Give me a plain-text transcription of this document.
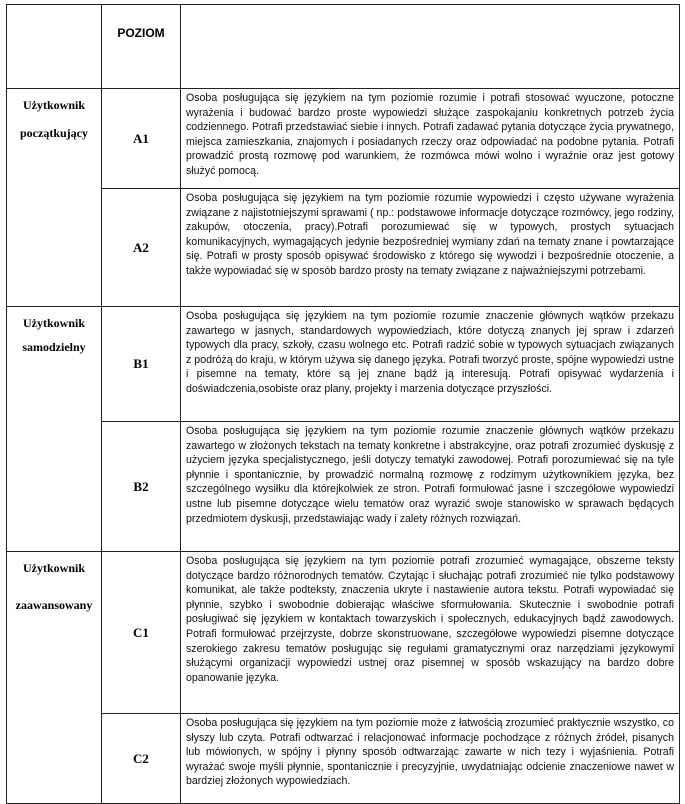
	POZIOM	

Użytkownik
początkujący	A1	Osoba posługująca się językiem na tym poziomie rozumie i potrafi stosować wyuczone, potoczne wyrażenia i budować bardzo proste wypowiedzi służące zaspokajaniu konkretnych potrzeb życia codziennego. Potrafi przedstawiać siebie i innych. Potrafi zadawać pytania dotyczące życia prywatnego, miejsca zamieszkania, znajomych i posiadanych rzeczy oraz odpowiadać na podobne pytania. Potrafi prowadzić prostą rozmowę pod warunkiem, że rozmówca mówi wolno i wyraźnie oraz jest gotowy służyć pomocą.

	A2	Osoba posługująca się językiem na tym poziomie rozumie wypowiedzi i często używane wyrażenia związane z najistotniejszymi sprawami ( np.: podstawowe informacje dotyczące rozmówcy, jego rodziny, zakupów, otoczenia, pracy).Potrafi porozumiewać się w typowych, prostych sytuacjach komunikacyjnych, wymagających jedynie bezpośredniej wymiany zdań na tematy znane i powtarzające się. Potrafi w prosty sposób opisywać środowisko z którego się wywodzi i bezpośrednie otoczenie, a także wypowiadać się w sposób bardzo prosty na tematy związane z najważniejszymi potrzebami.

Użytkownik
samodzielny	B1	Osoba posługująca się językiem na tym poziomie rozumie znaczenie głównych wątków przekazu zawartego w jasnych, standardowych wypowiedziach, które dotyczą znanych jej spraw i zdarzeń typowych dla pracy, szkoły, czasu wolnego etc. Potrafi radzić sobie w typowych sytuacjach związanych z podróżą do kraju, w którym używa się danego języka. Potrafi tworzyć proste, spójne wypowiedzi ustne i pisemne na tematy, które są jej znane bądź ją interesują. Potrafi opisywać wydarzenia i doświadczenia,osobiste oraz plany, projekty i marzenia dotyczące przyszłości.

	B2	Osoba posługująca się językiem na tym poziomie rozumie znaczenie głównych wątków przekazu zawartego w złożonych tekstach na tematy konkretne i abstrakcyjne, oraz potrafi zrozumieć dyskusję z użyciem języka specjalistycznego, jeśli dotyczy tematyki zawodowej. Potrafi porozumiewać się na tyle płynnie i spontanicznie, by prowadzić normalną rozmowę z rodzimym użytkownikiem języka, bez szczególnego wysiłku dla którejkolwiek ze stron. Potrafi formułować jasne i szczegółowe wypowiedzi ustne lub pisemne dotyczące wielu tematów oraz wyrazić swoje stanowisko w sprawach będących przedmiotem dyskusji, przedstawiając wady i zalety różnych rozwiązań.

Użytkownik
zaawansowany	C1	Osoba posługująca się językiem na tym poziomie potrafi zrozumieć wymagające, obszerne teksty dotyczące bardzo różnorodnych tematów. Czytając i słuchając potrafi zrozumieć nie tylko podstawowy komunikat, ale także podteksty, znaczenia ukryte i nastawienie autora tekstu. Potrafi wypowiadać się płynnie, szybko i swobodnie dobierając właściwe sformułowania. Skutecznie i swobodnie potrafi posługiwać się językiem w kontaktach towarzyskich i społecznych, edukacyjnych bądź zawodowych. Potrafi formułować przejrzyste, dobrze skonstruowane, szczegółowe wypowiedzi pisemne dotyczące szerokiego zakresu tematów posługując się regułami gramatycznymi oraz narzędziami językowymi służącymi organizacji wypowiedzi ustnej oraz pisemnej w sposób wskazujący na bardzo dobre opanowanie języka.

	C2	Osoba posługująca się językiem na tym poziomie może z łatwością zrozumieć praktycznie wszystko, co słyszy lub czyta. Potrafi odtwarzać i relacjonować informacje pochodzące z różnych źródeł, pisanych lub mówionych, w spójny i płynny sposób odtwarzając zawarte w nich tezy i wyjaśnienia. Potrafi wyrażać swoje myśli płynnie, spontanicznie i precyzyjnie, uwydatniając odcienie znaczeniowe nawet w bardziej złożonych wypowiedziach.
